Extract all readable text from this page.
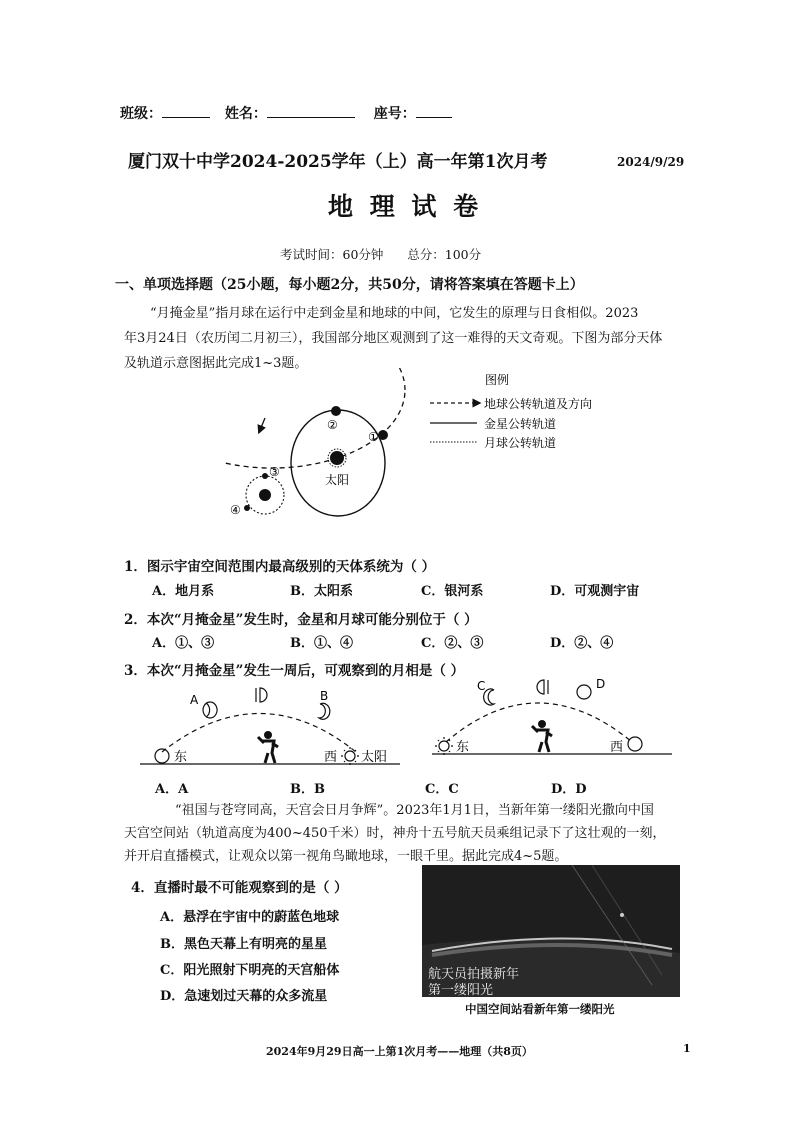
班级：	姓名：	座号：
厦门双十中学2024-2025学年（上）高一年第1次月考	2024/9/29
地 理 试 卷
考试时间：60分钟      总分：100分
一、单项选择题（25小题，每小题2分，共50分，请将答案填在答题卡上）
“月掩金星”指月球在运行中走到金星和地球的中间，它发生的原理与日食相似。2023
年3月24日（农历闰二月初三），我国部分地区观测到了这一难得的天文奇观。下图为部分天体
及轨道示意图据此完成1~3题。
太阳
②
①
③
④
图例
地球公转轨道及方向
金星公转轨道
月球公转轨道
1．图示宇宙空间范围内最高级别的天体系统为（ ）
A．地月系	B．太阳系	C．银河系	D．可观测宇宙
2．本次“月掩金星”发生时，金星和月球可能分别位于（ ）
A．①、③	B．①、④	C．②、③	D．②、④
3．本次“月掩金星”发生一周后，可观察到的月相是（ ）
A	B
东	西 太阳
C	D
东	西
A．A	B．B	C．C	D．D
“祖国与苍穹同高，天宫会日月争辉”。2023年1月1日，当新年第一缕阳光撒向中国
天宫空间站（轨道高度为400~450千米）时，神舟十五号航天员乘组记录下了这壮观的一刻，
并开启直播模式，让观众以第一视角鸟瞰地球，一眼千里。据此完成4~5题。
4．直播时最不可能观察到的是（ ）
A．悬浮在宇宙中的蔚蓝色地球
B．黑色天幕上有明亮的星星
C．阳光照射下明亮的天宫船体
D．急速划过天幕的众多流星
航天员拍摄新年
第一缕阳光
中国空间站看新年第一缕阳光
2024年9月29日高一上第1次月考——地理（共8页）	1
